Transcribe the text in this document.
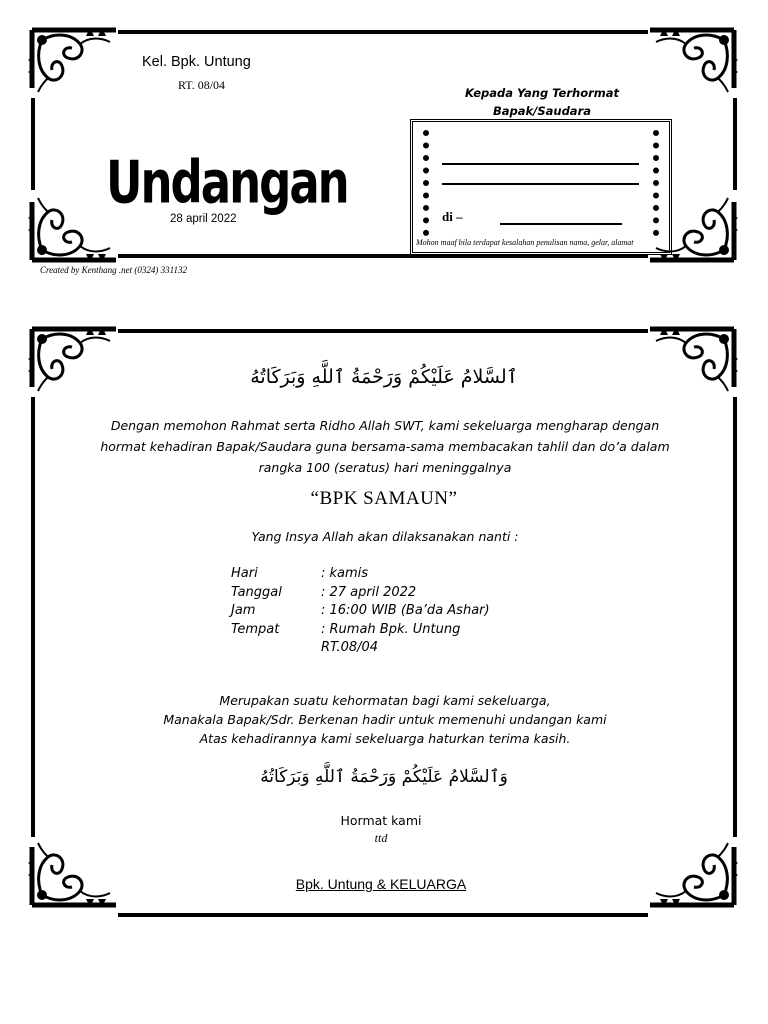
Kel. Bpk. Untung
RT. 08/04
Undangan
28 april 2022
Created by Kenthang .net (0324) 331132
Kepada Yang Terhormat
Bapak/Saudara
di –
Mohon maaf bila terdapat kesalahan penulisan nama, gelar, alamat
ٱلسَّلامُ عَلَيْكُمْ وَرَحْمَةُ ٱللَّهِ وَبَرَكَاتُهُ
Dengan memohon Rahmat serta Ridho Allah SWT, kami sekeluarga mengharap dengan
hormat kehadiran Bapak/Saudara guna bersama-sama membacakan tahlil dan do’a dalam
rangka 100 (seratus) hari meninggalnya
“BPK SAMAUN”
Yang Insya Allah akan dilaksanakan nanti :
Hari	: kamis
Tanggal	: 27 april 2022
Jam	: 16:00 WIB (Ba’da Ashar)
Tempat	: Rumah Bpk. Untung
RT.08/04
Merupakan suatu kehormatan bagi kami sekeluarga,
Manakala Bapak/Sdr. Berkenan hadir untuk memenuhi undangan kami
Atas kehadirannya kami sekeluarga haturkan terima kasih.
وَٱلسَّلامُ عَلَيْكُمْ وَرَحْمَةُ ٱللَّهِ وَبَرَكَاتُهُ
Hormat kami
ttd
Bpk. Untung & KELUARGA
